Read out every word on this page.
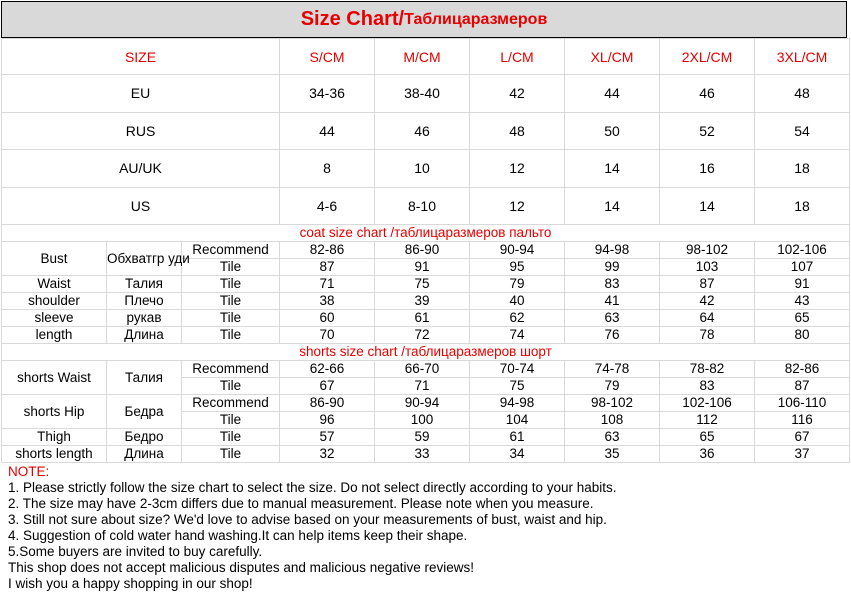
Size Chart/ Таблицаразмеров
SIZE	S/CM	M/CM	L/CM	XL/CM	2XL/CM	3XL/CM
EU	34-36	38-40	42	44	46	48
RUS	44	46	48	50	52	54
AU/UK	8	10	12	14	16	18
US	4-6	8-10	12	14	14	18
coat size chart /таблицаразмеров пальто								
Bust	Обхватгр уди	Recommend	82-86	86-90	90-94	94-98	98-102	102-106
		Tile	87	91	95	99	103	107
Waist	Талия	Tile	71	75	79	83	87	91
shoulder	Плечо	Tile	38	39	40	41	42	43
sleeve	рукав	Tile	60	61	62	63	64	65
length	Длина	Tile	70	72	74	76	78	80
shorts size chart /таблицаразмеров шорт								
shorts Waist	Талия	Recommend	62-66	66-70	70-74	74-78	78-82	82-86
		Tile	67	71	75	79	83	87
shorts Hip	Бедра	Recommend	86-90	90-94	94-98	98-102	102-106	106-110
		Tile	96	100	104	108	112	116
Thigh	Бедро	Tile	57	59	61	63	65	67
shorts length	Длина	Tile	32	33	34	35	36	37
NOTE:
1. Please strictly follow the size chart to select the size. Do not select directly according to your habits.
2. The size may have 2-3cm differs due to manual measurement. Please note when you measure.
3. Still not sure about size? We'd love to advise based on your measurements of bust, waist and hip.
4. Suggestion of cold water hand washing.It can help items keep their shape.
5.Some buyers are invited to buy carefully.
This shop does not accept malicious disputes and malicious negative reviews!
I wish you a happy shopping in our shop!
